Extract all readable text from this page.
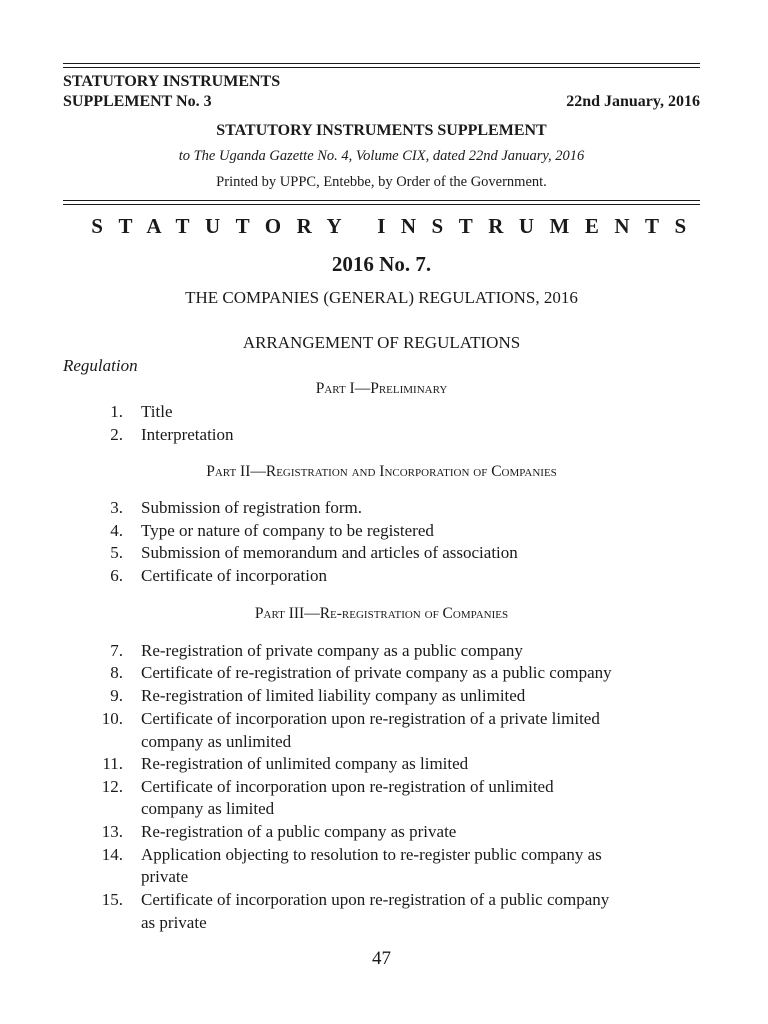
STATUTORY INSTRUMENTS
SUPPLEMENT No. 3	22nd January, 2016
STATUTORY INSTRUMENTS SUPPLEMENT
to The Uganda Gazette No. 4, Volume CIX, dated 22nd January, 2016
Printed by UPPC, Entebbe, by Order of the Government.
STATUTORY INSTRUMENTS
2016 No. 7.
THE COMPANIES (GENERAL) REGULATIONS, 2016
ARRANGEMENT OF REGULATIONS
Regulation
Part I—Preliminary
1. Title
2. Interpretation
Part II—Registration and Incorporation of Companies
3. Submission of registration form.
4. Type or nature of company to be registered
5. Submission of memorandum and articles of association
6. Certificate of incorporation
Part III—Re-registration of Companies
7. Re-registration of private company as a public company
8. Certificate of re-registration of private company as a public company
9. Re-registration of limited liability company as unlimited
10. Certificate of incorporation upon re-registration of a private limited
company as unlimited
11. Re-registration of unlimited company as limited
12. Certificate of incorporation upon re-registration of unlimited
company as limited
13. Re-registration of a public company as private
14. Application objecting to resolution to re-register public company as
private
15. Certificate of incorporation upon re-registration of a public company
as private
47
